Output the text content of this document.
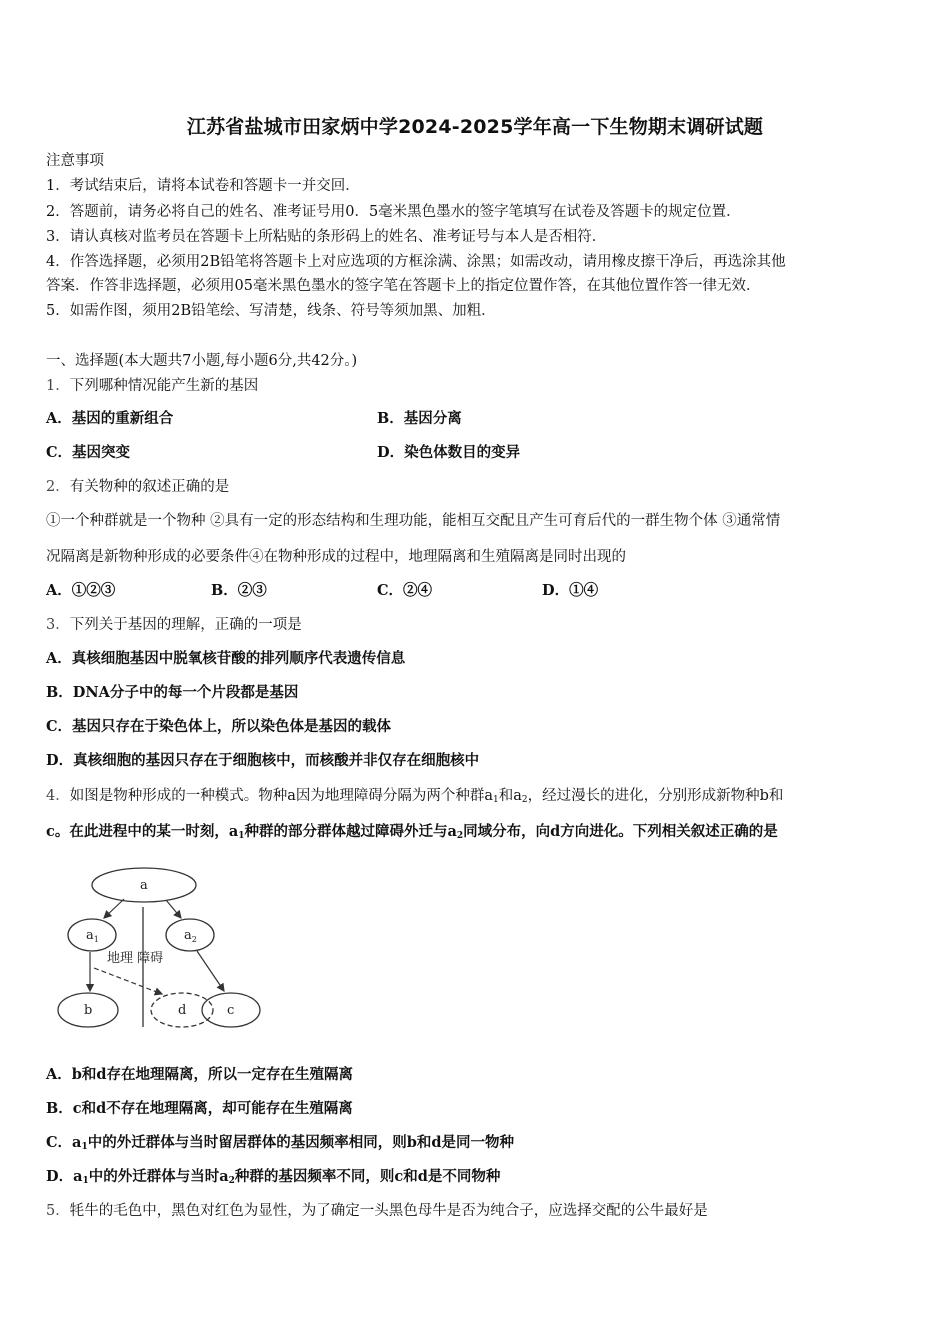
江苏省盐城市田家炳中学2024-2025学年高一下生物期末调研试题
注意事项
1．考试结束后，请将本试卷和答题卡一并交回．
2．答题前，请务必将自己的姓名、准考证号用0．5毫米黑色墨水的签字笔填写在试卷及答题卡的规定位置．
3．请认真核对监考员在答题卡上所粘贴的条形码上的姓名、准考证号与本人是否相符．
4．作答选择题，必须用2B铅笔将答题卡上对应选项的方框涂满、涂黑；如需改动，请用橡皮擦干净后，再选涂其他
答案．作答非选择题，必须用05毫米黑色墨水的签字笔在答题卡上的指定位置作答，在其他位置作答一律无效．
5．如需作图，须用2B铅笔绘、写清楚，线条、符号等须加黑、加粗．
一、选择题(本大题共7小题,每小题6分,共42分。)
1．下列哪种情况能产生新的基因
A．基因的重新组合	B．基因分离
C．基因突变	D．染色体数目的变异
2．有关物种的叙述正确的是
①一个种群就是一个物种 ②具有一定的形态结构和生理功能，能相互交配且产生可育后代的一群生物个体 ③通常情
况隔离是新物种形成的必要条件④在物种形成的过程中，地理隔离和生殖隔离是同时出现的
A．①②③	B．②③	C．②④	D．①④
3．下列关于基因的理解，正确的一项是
A．真核细胞基因中脱氧核苷酸的排列顺序代表遗传信息
B．DNA分子中的每一个片段都是基因
C．基因只存在于染色体上，所以染色体是基因的载体
D．真核细胞的基因只存在于细胞核中，而核酸并非仅存在细胞核中
4．如图是物种形成的一种模式。物种a因为地理障碍分隔为两个种群$a_1$和$a_2$，经过漫长的进化，分别形成新物种b和
c。在此进程中的某一时刻，$a_1$种群的部分群体越过障碍外迁与$a_2$同域分布，向d方向进化。下列相关叙述正确的是
a
$a_1$	$a_2$
b	d	c
地理 障碍
A．b和d存在地理隔离，所以一定存在生殖隔离
B．c和d不存在地理隔离，却可能存在生殖隔离
C．$a_1$中的外迁群体与当时留居群体的基因频率相同，则b和d是同一物种
D．$a_1$中的外迁群体与当时$a_2$种群的基因频率不同，则c和d是不同物种
5．牦牛的毛色中，黑色对红色为显性，为了确定一头黑色母牛是否为纯合子，应选择交配的公牛最好是
